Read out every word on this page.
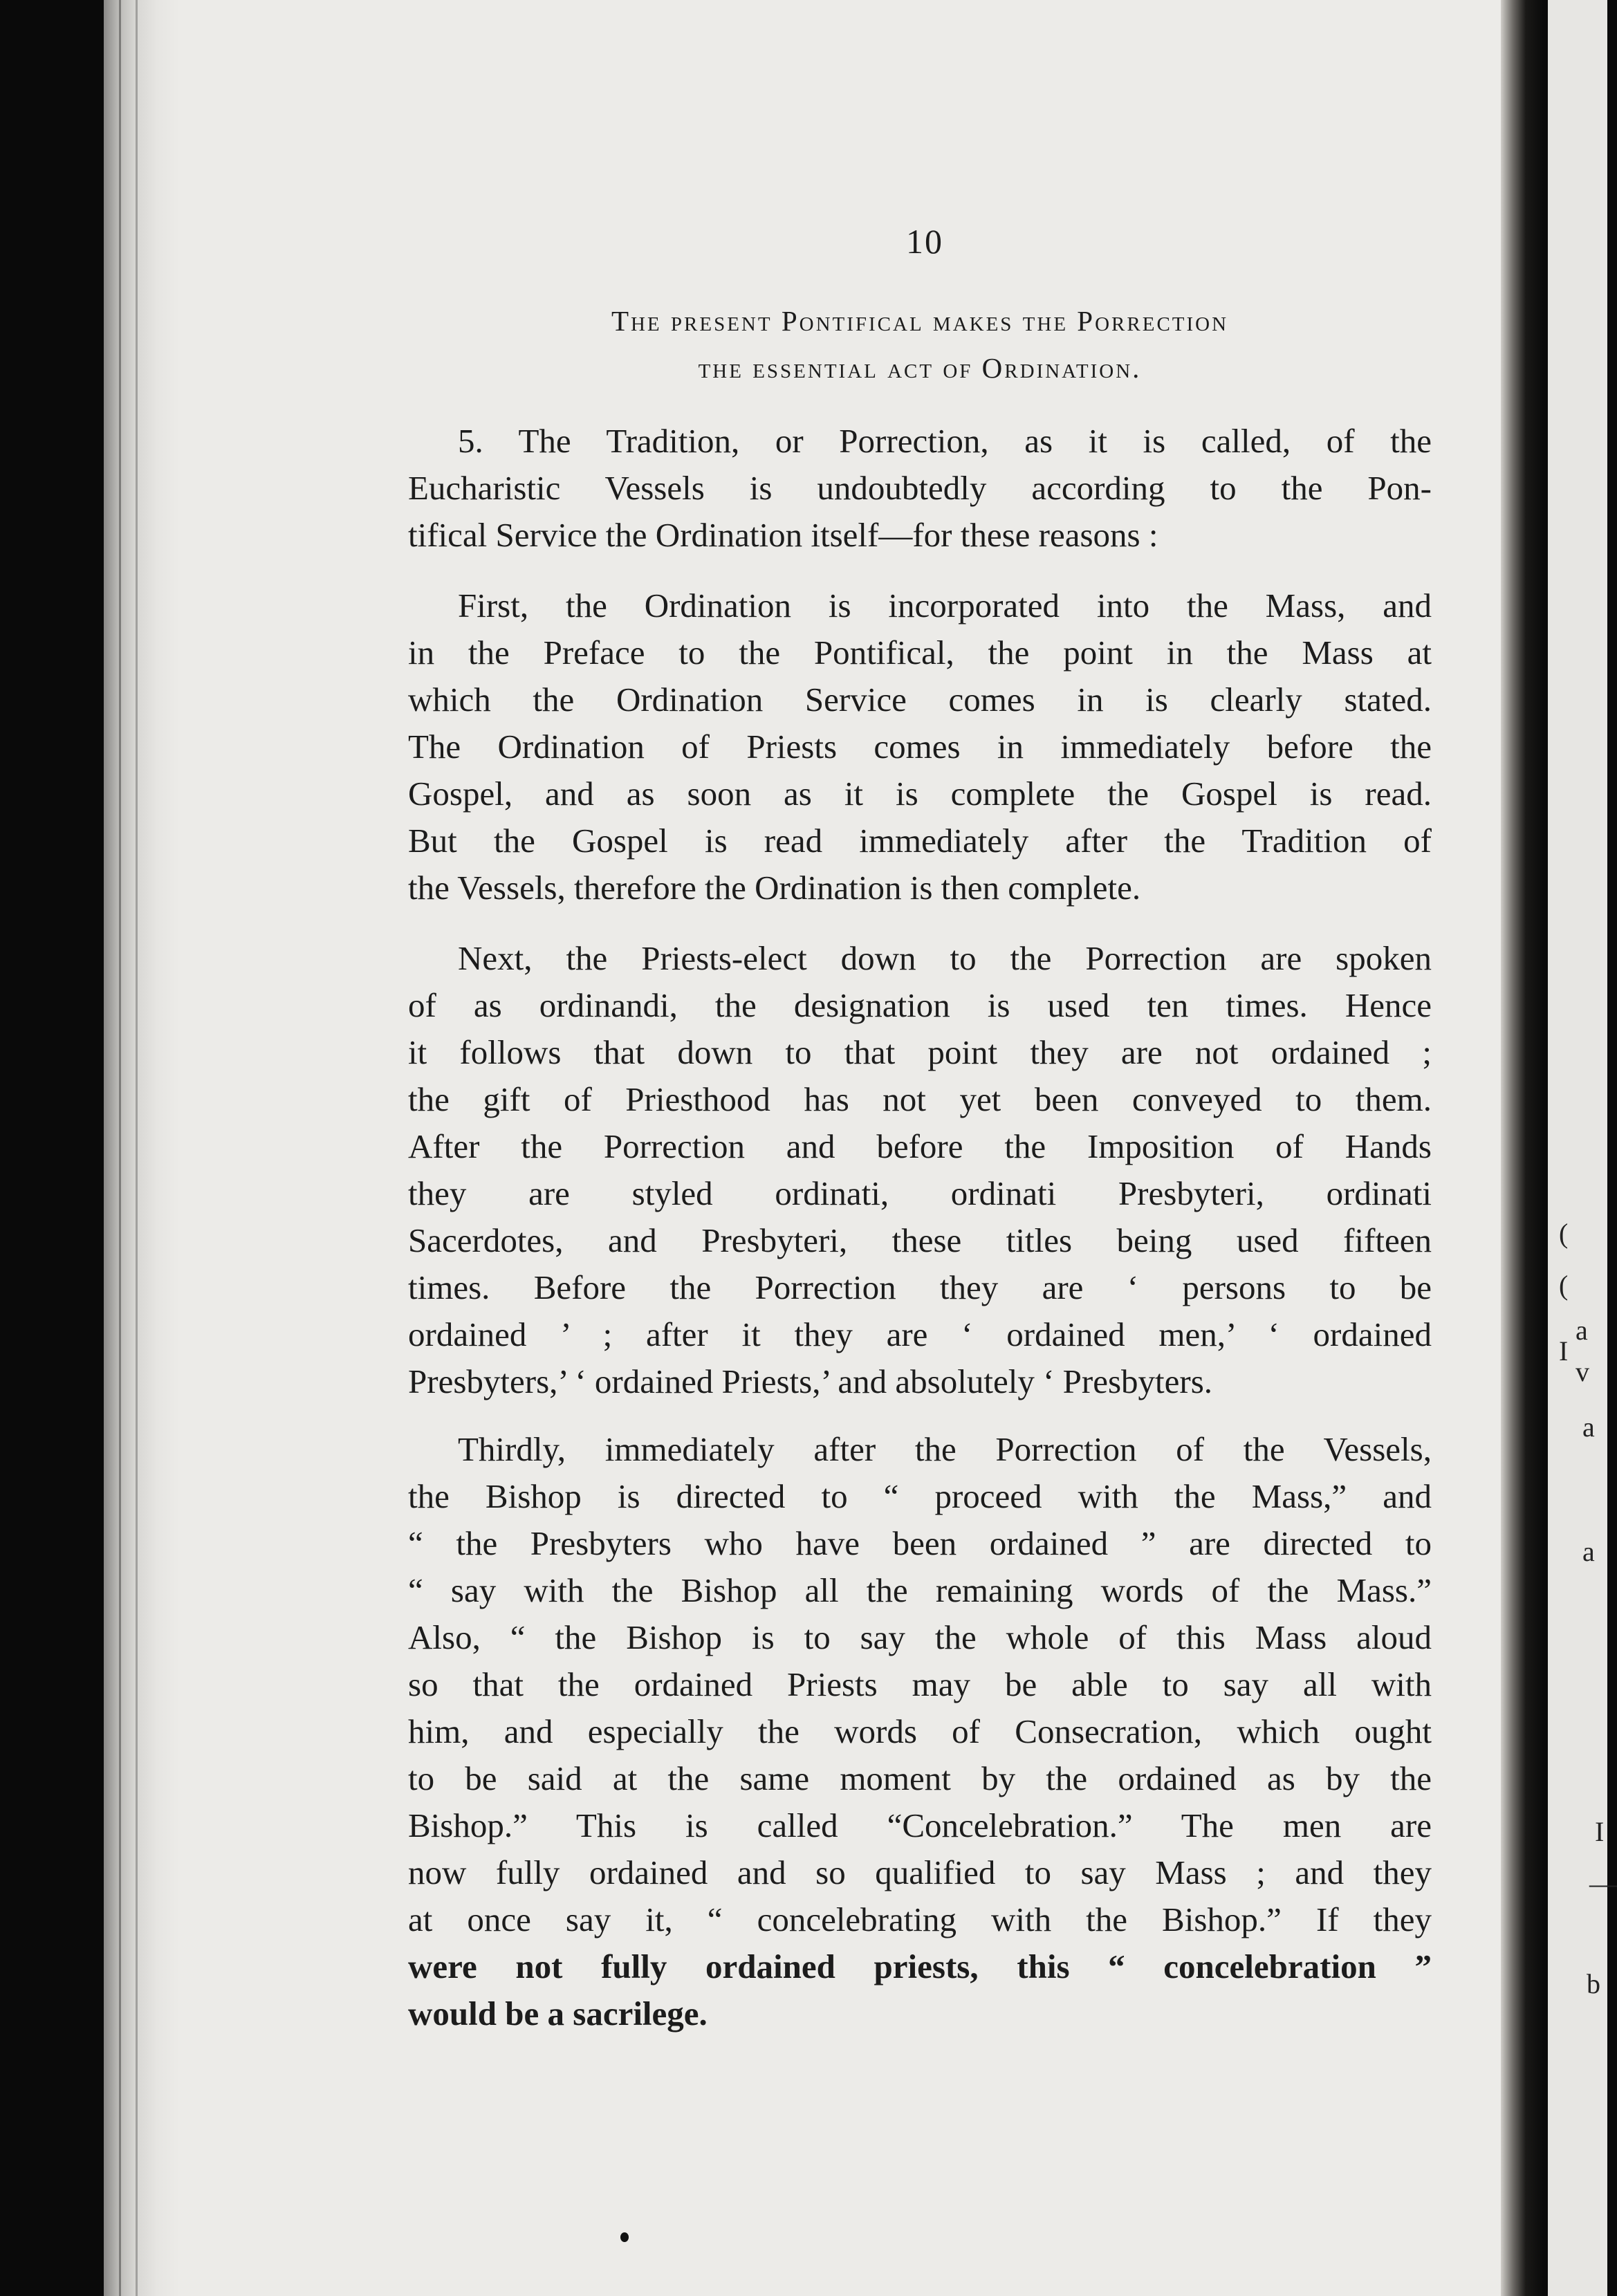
I
(
(
a
v
a
a
I
—
b
10
The present Pontifical makes the Porrection
the essential act of Ordination.
5. The Tradition, or Porrection, as it is called, of the
Eucharistic Vessels is undoubtedly according to the Pon-
tifical Service the Ordination itself—for these reasons :
First, the Ordination is incorporated into the Mass, and
in the Preface to the Pontifical, the point in the Mass at
which the Ordination Service comes in is clearly stated.
The Ordination of Priests comes in immediately before the
Gospel, and as soon as it is complete the Gospel is read.
But the Gospel is read immediately after the Tradition of
the Vessels, therefore the Ordination is then complete.
Next, the Priests-elect down to the Porrection are spoken
of as ordinandi, the designation is used ten times. Hence
it follows that down to that point they are not ordained ;
the gift of Priesthood has not yet been conveyed to them.
After the Porrection and before the Imposition of Hands
they are styled ordinati, ordinati Presbyteri, ordinati
Sacerdotes, and Presbyteri, these titles being used fifteen
times. Before the Porrection they are ‘ persons to be
ordained ’ ; after it they are ‘ ordained men,’ ‘ ordained
Presbyters,’ ‘ ordained Priests,’ and absolutely ‘ Presbyters.
Thirdly, immediately after the Porrection of the Vessels,
the Bishop is directed to “ proceed with the Mass,” and
“ the Presbyters who have been ordained ” are directed to
“ say with the Bishop all the remaining words of the Mass.”
Also, “ the Bishop is to say the whole of this Mass aloud
so that the ordained Priests may be able to say all with
him, and especially the words of Consecration, which ought
to be said at the same moment by the ordained as by the
Bishop.” This is called “Concelebration.” The men are
now fully ordained and so qualified to say Mass ; and they
at once say it, “ concelebrating with the Bishop.” If they
were not fully ordained priests, this “ concelebration ”
would be a sacrilege.
